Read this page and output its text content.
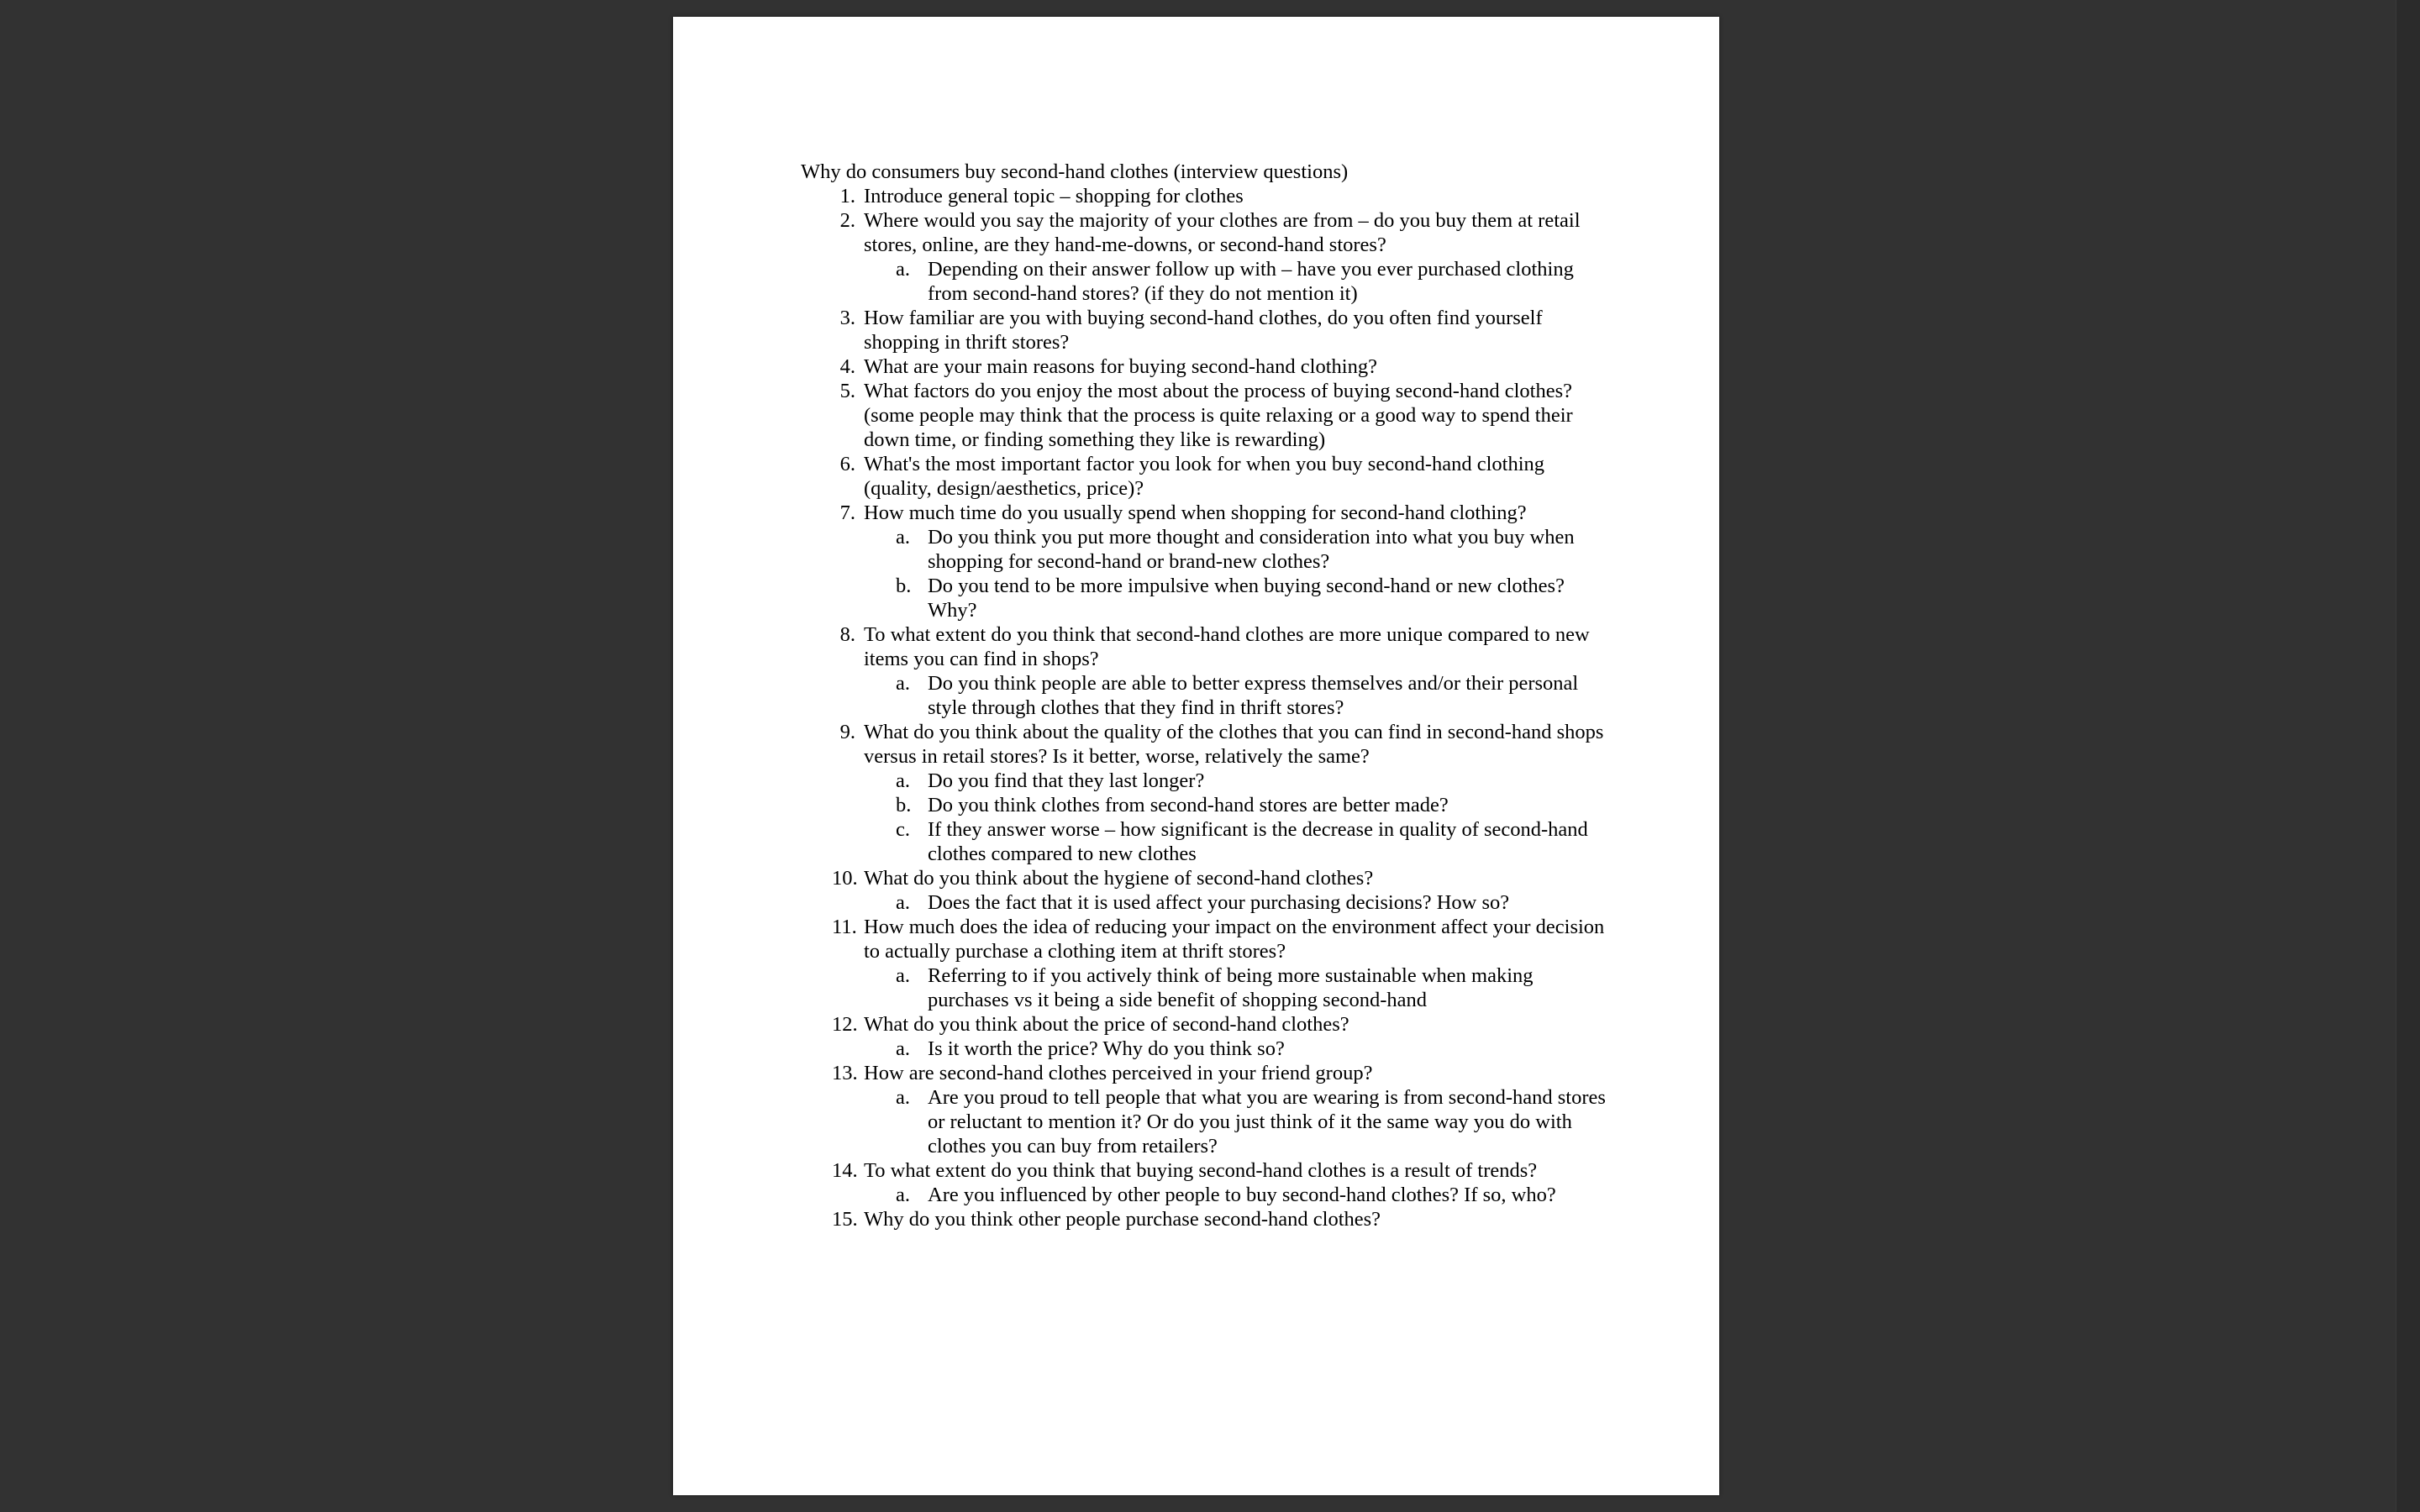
Why do consumers buy second-hand clothes (interview questions)

1. Introduce general topic – shopping for clothes
2. Where would you say the majority of your clothes are from – do you buy them at retail stores, online, are they hand-me-downs, or second-hand stores?
a. Depending on their answer follow up with – have you ever purchased clothing from second-hand stores? (if they do not mention it)
3. How familiar are you with buying second-hand clothes, do you often find yourself shopping in thrift stores?
4. What are your main reasons for buying second-hand clothing?
5. What factors do you enjoy the most about the process of buying second-hand clothes? (some people may think that the process is quite relaxing or a good way to spend their down time, or finding something they like is rewarding)
6. What's the most important factor you look for when you buy second-hand clothing (quality, design/aesthetics, price)?
7. How much time do you usually spend when shopping for second-hand clothing?
a. Do you think you put more thought and consideration into what you buy when shopping for second-hand or brand-new clothes?
b. Do you tend to be more impulsive when buying second-hand or new clothes? Why?
8. To what extent do you think that second-hand clothes are more unique compared to new items you can find in shops?
a. Do you think people are able to better express themselves and/or their personal style through clothes that they find in thrift stores?
9. What do you think about the quality of the clothes that you can find in second-hand shops versus in retail stores? Is it better, worse, relatively the same?
a. Do you find that they last longer?
b. Do you think clothes from second-hand stores are better made?
c. If they answer worse – how significant is the decrease in quality of second-hand clothes compared to new clothes
10. What do you think about the hygiene of second-hand clothes?
a. Does the fact that it is used affect your purchasing decisions? How so?
11. How much does the idea of reducing your impact on the environment affect your decision to actually purchase a clothing item at thrift stores?
a. Referring to if you actively think of being more sustainable when making purchases vs it being a side benefit of shopping second-hand
12. What do you think about the price of second-hand clothes?
a. Is it worth the price? Why do you think so?
13. How are second-hand clothes perceived in your friend group?
a. Are you proud to tell people that what you are wearing is from second-hand stores or reluctant to mention it? Or do you just think of it the same way you do with clothes you can buy from retailers?
14. To what extent do you think that buying second-hand clothes is a result of trends?
a. Are you influenced by other people to buy second-hand clothes? If so, who?
15. Why do you think other people purchase second-hand clothes?
